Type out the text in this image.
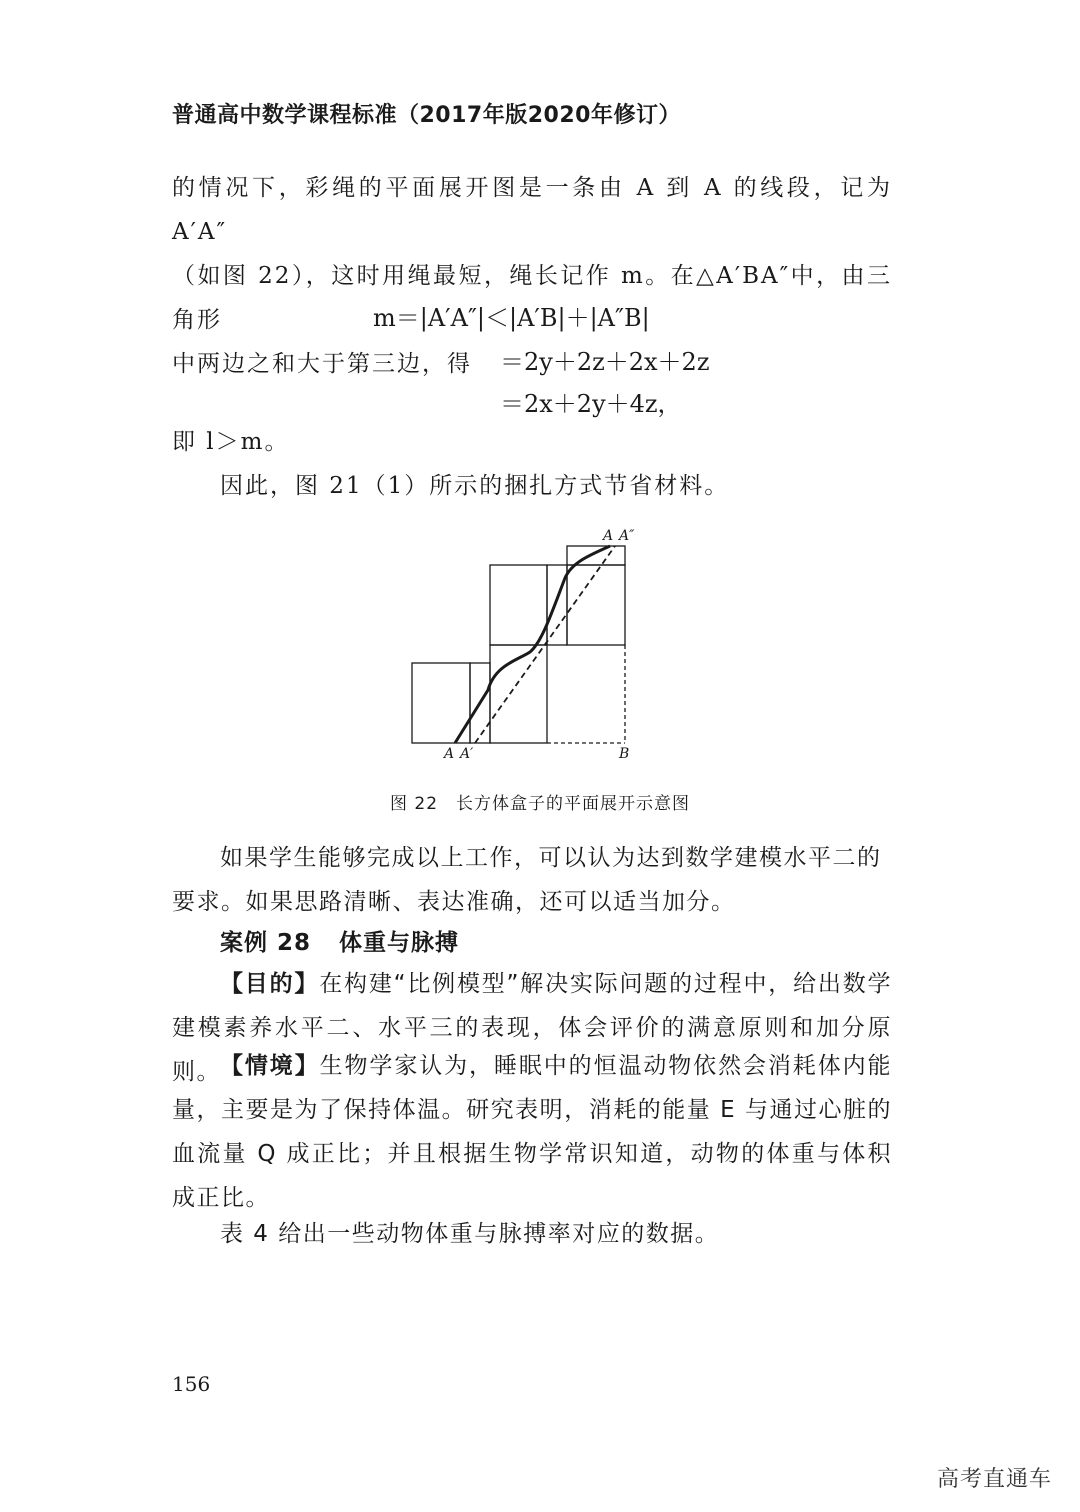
普通高中数学课程标准（2017年版2020年修订）
的情况下，彩绳的平面展开图是一条由 A 到 A 的线段，记为 A′A″
（如图 22），这时用绳最短，绳长记作 m。在△A′BA″中，由三角形
中两边之和大于第三边，得
m＝|A′A″|＜|A′B|＋|A″B|
＝2y＋2z＋2x＋2z
＝2x＋2y＋4z，
即 l＞m。
因此，图 21（1）所示的捆扎方式节省材料。
A A″
A A′	B
图 22 长方体盒子的平面展开示意图
如果学生能够完成以上工作，可以认为达到数学建模水平二的
要求。如果思路清晰、表达准确，还可以适当加分。
案例 28 体重与脉搏
【目的】在构建“比例模型”解决实际问题的过程中，给出数学建模素养水平二、水平三的表现，体会评价的满意原则和加分原则。 【情境】生物学家认为，睡眠中的恒温动物依然会消耗体内能量，主要是为了保持体温。研究表明，消耗的能量 E 与通过心脏的血流量 Q 成正比；并且根据生物学常识知道，动物的体重与体积成正比。
表 4 给出一些动物体重与脉搏率对应的数据。
156
高考直通车
